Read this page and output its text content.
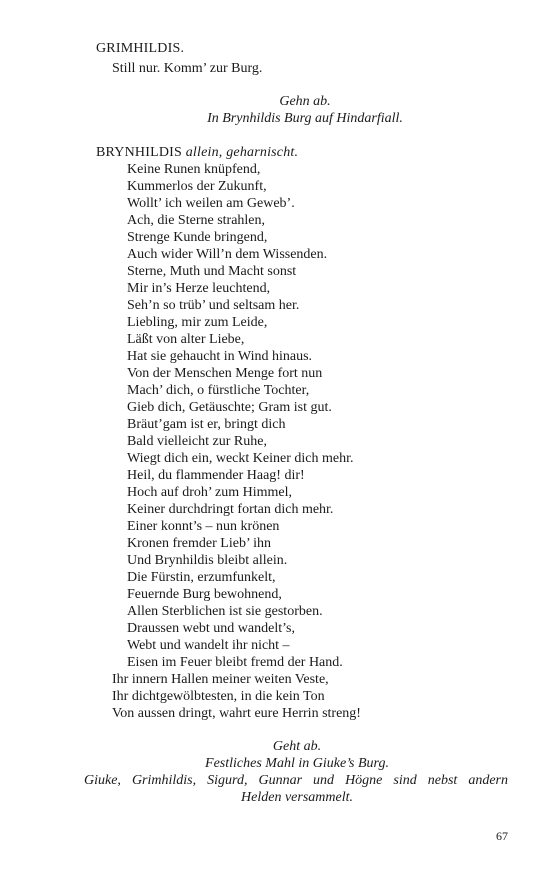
GRIMHILDIS.
Still nur. Komm’ zur Burg.
Gehn ab.
In Brynhildis Burg auf Hindarfiall.
BRYNHILDIS allein, geharnischt.
Keine Runen knüpfend,
Kummerlos der Zukunft,
Wollt’ ich weilen am Geweb’.
Ach, die Sterne strahlen,
Strenge Kunde bringend,
Auch wider Will’n dem Wissenden.
Sterne, Muth und Macht sonst
Mir in’s Herze leuchtend,
Seh’n so trüb’ und seltsam her.
Liebling, mir zum Leide,
Läßt von alter Liebe,
Hat sie gehaucht in Wind hinaus.
Von der Menschen Menge fort nun
Mach’ dich, o fürstliche Tochter,
Gieb dich, Getäuschte; Gram ist gut.
Bräut’gam ist er, bringt dich
Bald vielleicht zur Ruhe,
Wiegt dich ein, weckt Keiner dich mehr.
Heil, du flammender Haag! dir!
Hoch auf droh’ zum Himmel,
Keiner durchdringt fortan dich mehr.
Einer konnt’s – nun krönen
Kronen fremder Lieb’ ihn
Und Brynhildis bleibt allein.
Die Fürstin, erzumfunkelt,
Feuernde Burg bewohnend,
Allen Sterblichen ist sie gestorben.
Draussen webt und wandelt’s,
Webt und wandelt ihr nicht –
Eisen im Feuer bleibt fremd der Hand.
Ihr innern Hallen meiner weiten Veste,
Ihr dichtgewölbtesten, in die kein Ton
Von aussen dringt, wahrt eure Herrin streng!
Geht ab.
Festliches Mahl in Giuke’s Burg.
Giuke, Grimhildis, Sigurd, Gunnar und Högne sind nebst andern
Helden versammelt.
67
